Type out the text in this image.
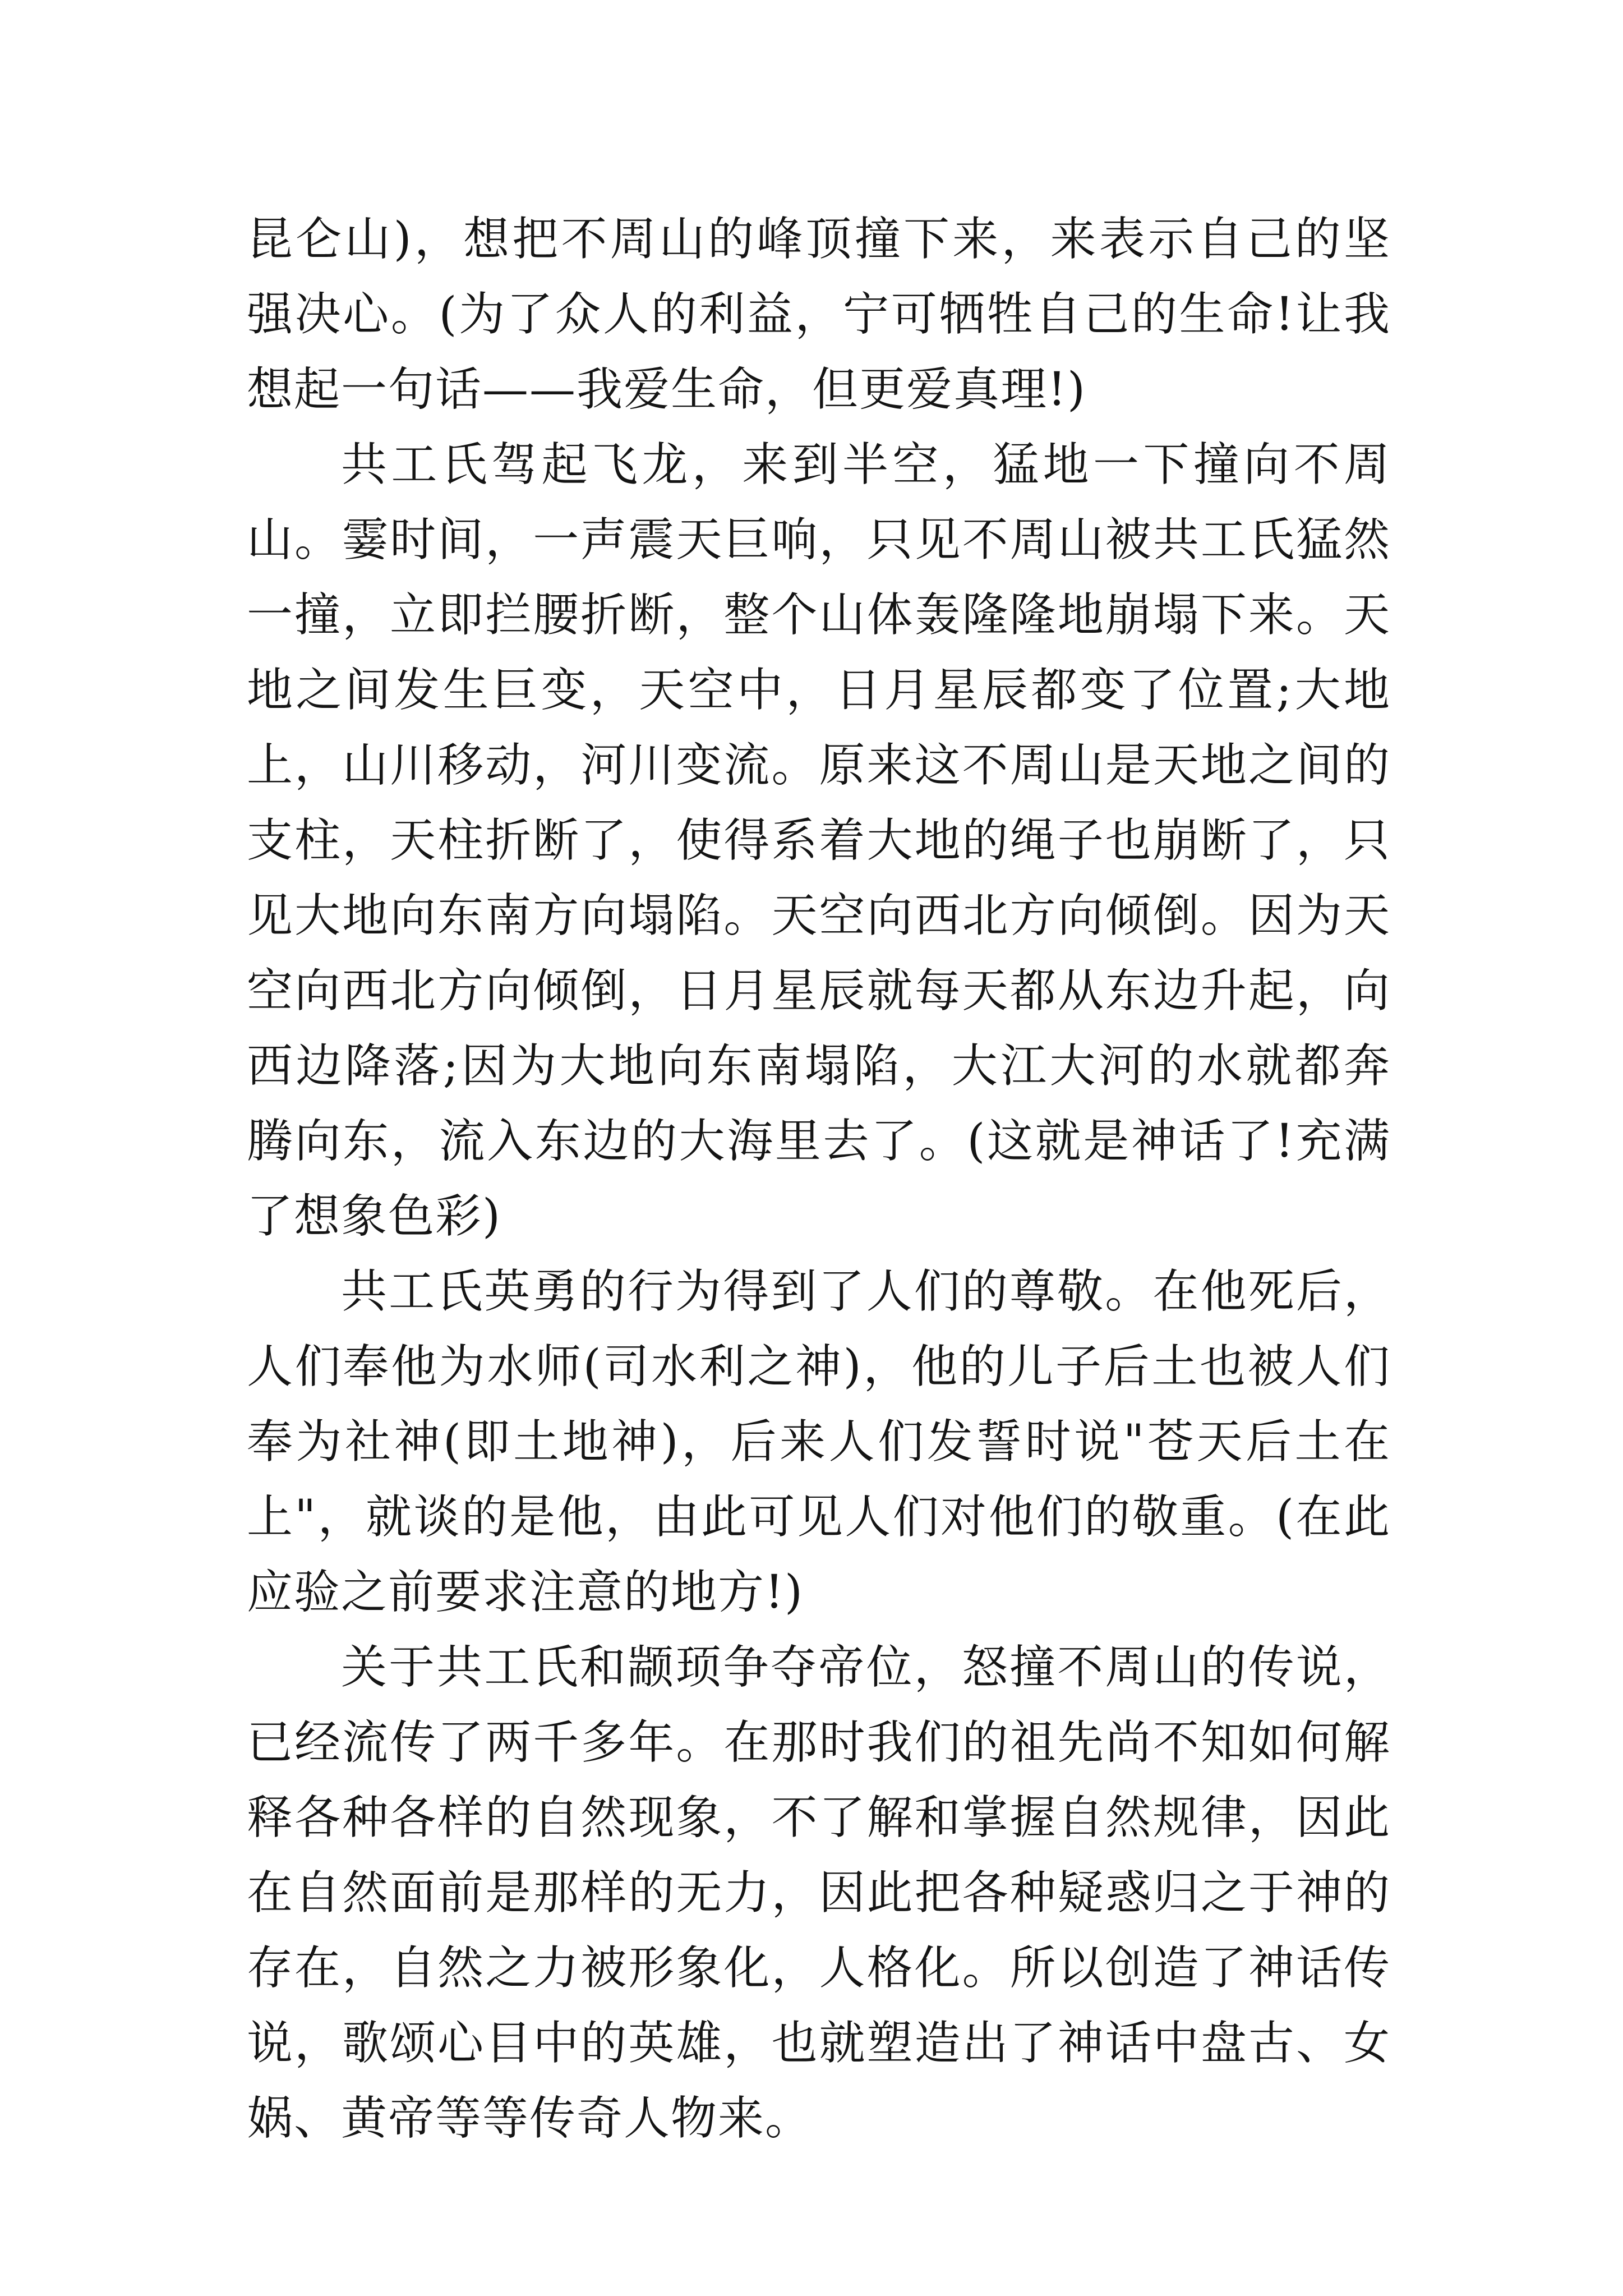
昆仑山)，想把不周山的峰顶撞下来，来表示自己的坚强决心。(为了众人的利益，宁可牺牲自己的生命!让我想起一句话——我爱生命，但更爱真理!)

共工氏驾起飞龙，来到半空，猛地一下撞向不周山。霎时间，一声震天巨响，只见不周山被共工氏猛然一撞，立即拦腰折断，整个山体轰隆隆地崩塌下来。天地之间发生巨变，天空中，日月星辰都变了位置;大地上，山川移动，河川变流。原来这不周山是天地之间的支柱，天柱折断了，使得系着大地的绳子也崩断了，只见大地向东南方向塌陷。天空向西北方向倾倒。因为天空向西北方向倾倒，日月星辰就每天都从东边升起，向西边降落;因为大地向东南塌陷，大江大河的水就都奔腾向东，流入东边的大海里去了。(这就是神话了!充满了想象色彩)

共工氏英勇的行为得到了人们的尊敬。在他死后，人们奉他为水师(司水利之神)，他的儿子后土也被人们奉为社神(即土地神)，后来人们发誓时说"苍天后土在上"，就谈的是他，由此可见人们对他们的敬重。(在此应验之前要求注意的地方!)

关于共工氏和颛顼争夺帝位，怒撞不周山的传说，已经流传了两千多年。在那时我们的祖先尚不知如何解释各种各样的自然现象，不了解和掌握自然规律，因此在自然面前是那样的无力，因此把各种疑惑归之于神的存在，自然之力被形象化，人格化。所以创造了神话传说，歌颂心目中的英雄，也就塑造出了神话中盘古、女娲、黄帝等等传奇人物来。
